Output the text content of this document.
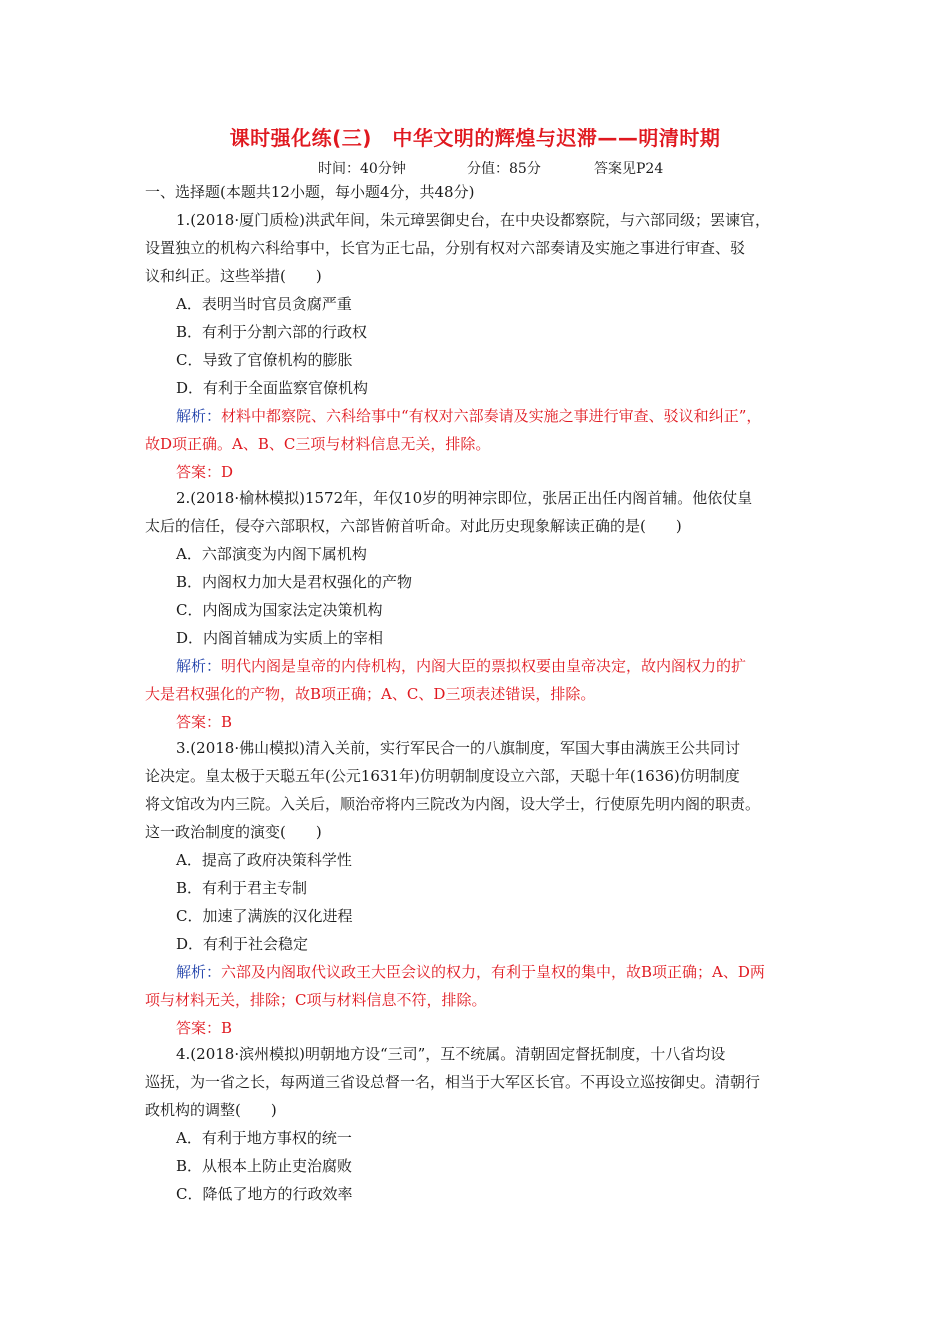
课时强化练(三)　中华文明的辉煌与迟滞——明清时期
时间：40分钟	分值：85分	答案见P24
一、选择题(本题共12小题，每小题4分，共48分)
1.(2018·厦门质检)洪武年间，朱元璋罢御史台，在中央设都察院，与六部同级；罢谏官，
设置独立的机构六科给事中，长官为正七品，分别有权对六部奏请及实施之事进行审查、驳
议和纠正。这些举措(　　)
A．表明当时官员贪腐严重
B．有利于分割六部的行政权
C．导致了官僚机构的膨胀
D．有利于全面监察官僚机构
解析：材料中都察院、六科给事中“有权对六部奏请及实施之事进行审查、驳议和纠正”，
故D项正确。A、B、C三项与材料信息无关，排除。
答案：D
2.(2018·榆林模拟)1572年，年仅10岁的明神宗即位，张居正出任内阁首辅。他依仗皇
太后的信任，侵夺六部职权，六部皆俯首听命。对此历史现象解读正确的是(　　)
A．六部演变为内阁下属机构
B．内阁权力加大是君权强化的产物
C．内阁成为国家法定决策机构
D．内阁首辅成为实质上的宰相
解析：明代内阁是皇帝的内侍机构，内阁大臣的票拟权要由皇帝决定，故内阁权力的扩
大是君权强化的产物，故B项正确；A、C、D三项表述错误，排除。
答案：B
3.(2018·佛山模拟)清入关前，实行军民合一的八旗制度，军国大事由满族王公共同讨
论决定。皇太极于天聪五年(公元1631年)仿明朝制度设立六部，天聪十年(1636)仿明制度
将文馆改为内三院。入关后，顺治帝将内三院改为内阁，设大学士，行使原先明内阁的职责。
这一政治制度的演变(　　)
A．提高了政府决策科学性
B．有利于君主专制
C．加速了满族的汉化进程
D．有利于社会稳定
解析：六部及内阁取代议政王大臣会议的权力，有利于皇权的集中，故B项正确；A、D两
项与材料无关，排除；C项与材料信息不符，排除。
答案：B
4.(2018·滨州模拟)明朝地方设“三司”，互不统属。清朝固定督抚制度，十八省均设
巡抚，为一省之长，每两道三省设总督一名，相当于大军区长官。不再设立巡按御史。清朝行
政机构的调整(　　)
A．有利于地方事权的统一
B．从根本上防止吏治腐败
C．降低了地方的行政效率
